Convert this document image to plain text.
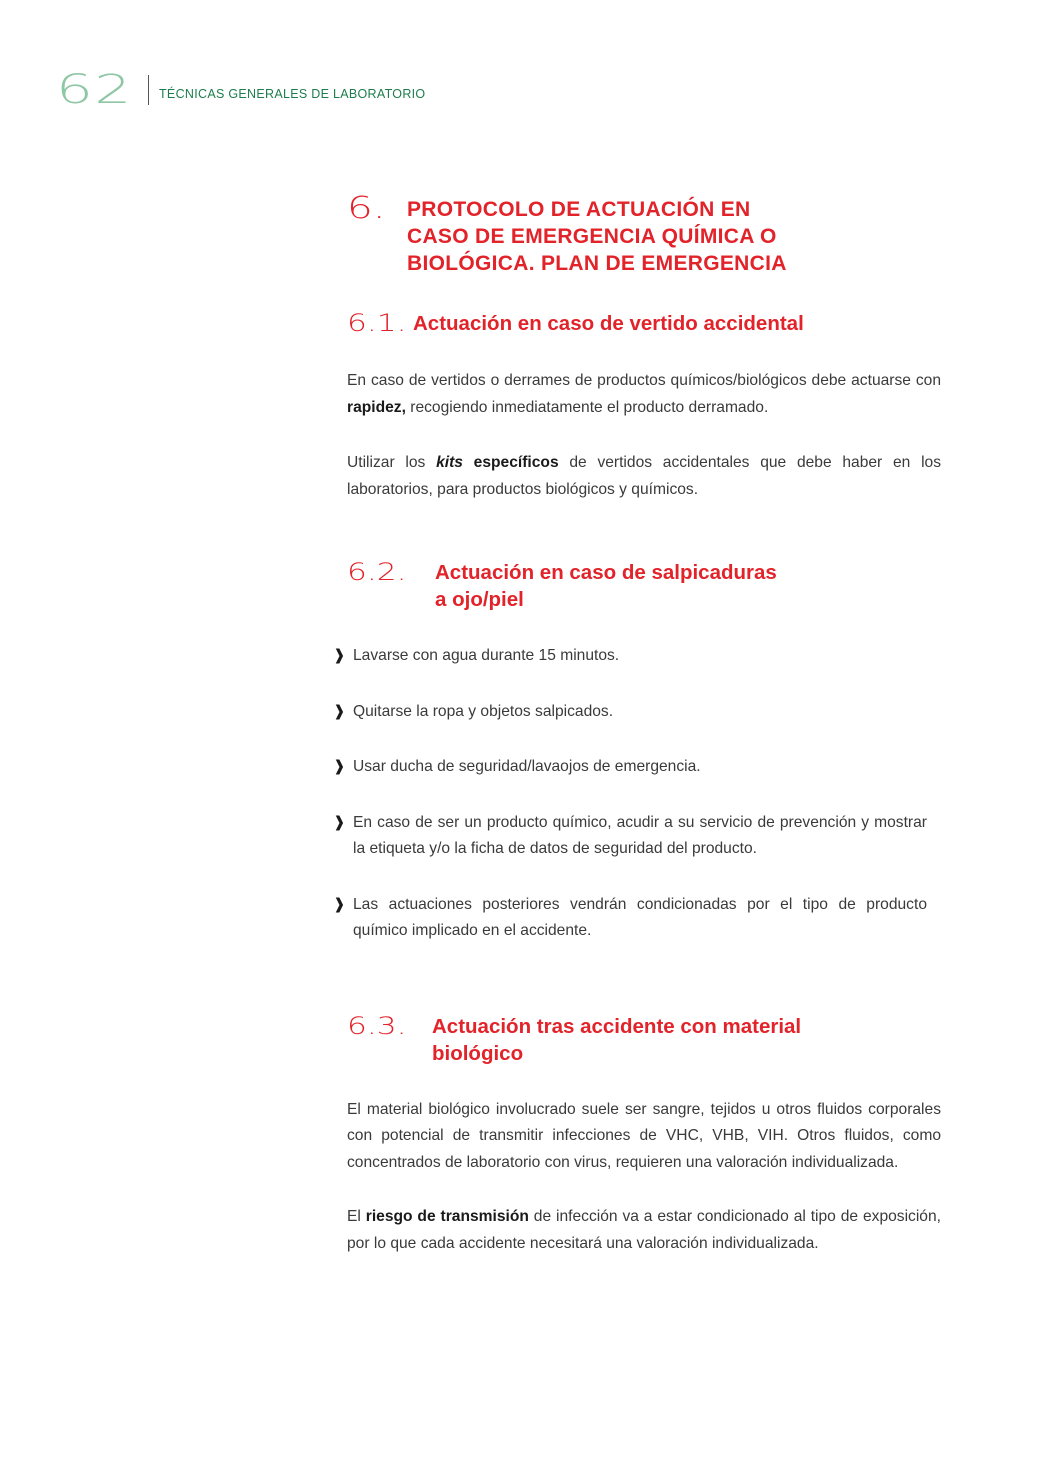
62	TÉCNICAS GENERALES DE LABORATORIO
6.	PROTOCOLO DE ACTUACIÓN EN
CASO DE EMERGENCIA QUÍMICA O
BIOLÓGICA. PLAN DE EMERGENCIA
6.1. Actuación en caso de vertido accidental

En caso de vertidos o derrames de productos químicos/biológicos debe actuarse con rapidez, recogiendo inmediatamente el producto derramado.

Utilizar los kits específicos de vertidos accidentales que debe haber en los laboratorios, para productos biológicos y químicos.

6.2.	Actuación en caso de salpicaduras
a ojo/piel
❱ Lavarse con agua durante 15 minutos.
❱ Quitarse la ropa y objetos salpicados.
❱ Usar ducha de seguridad/lavaojos de emergencia.
❱ En caso de ser un producto químico, acudir a su servicio de prevención y mostrar la etiqueta y/o la ficha de datos de seguridad del producto.
❱ Las actuaciones posteriores vendrán condicionadas por el tipo de producto químico implicado en el accidente.
6.3.	Actuación tras accidente con material
biológico

El material biológico involucrado suele ser sangre, tejidos u otros fluidos corporales con potencial de transmitir infecciones de VHC, VHB, VIH. Otros fluidos, como concentrados de laboratorio con virus, requieren una valoración individualizada.

El riesgo de transmisión de infección va a estar condicionado al tipo de exposición, por lo que cada accidente necesitará una valoración individualizada.
